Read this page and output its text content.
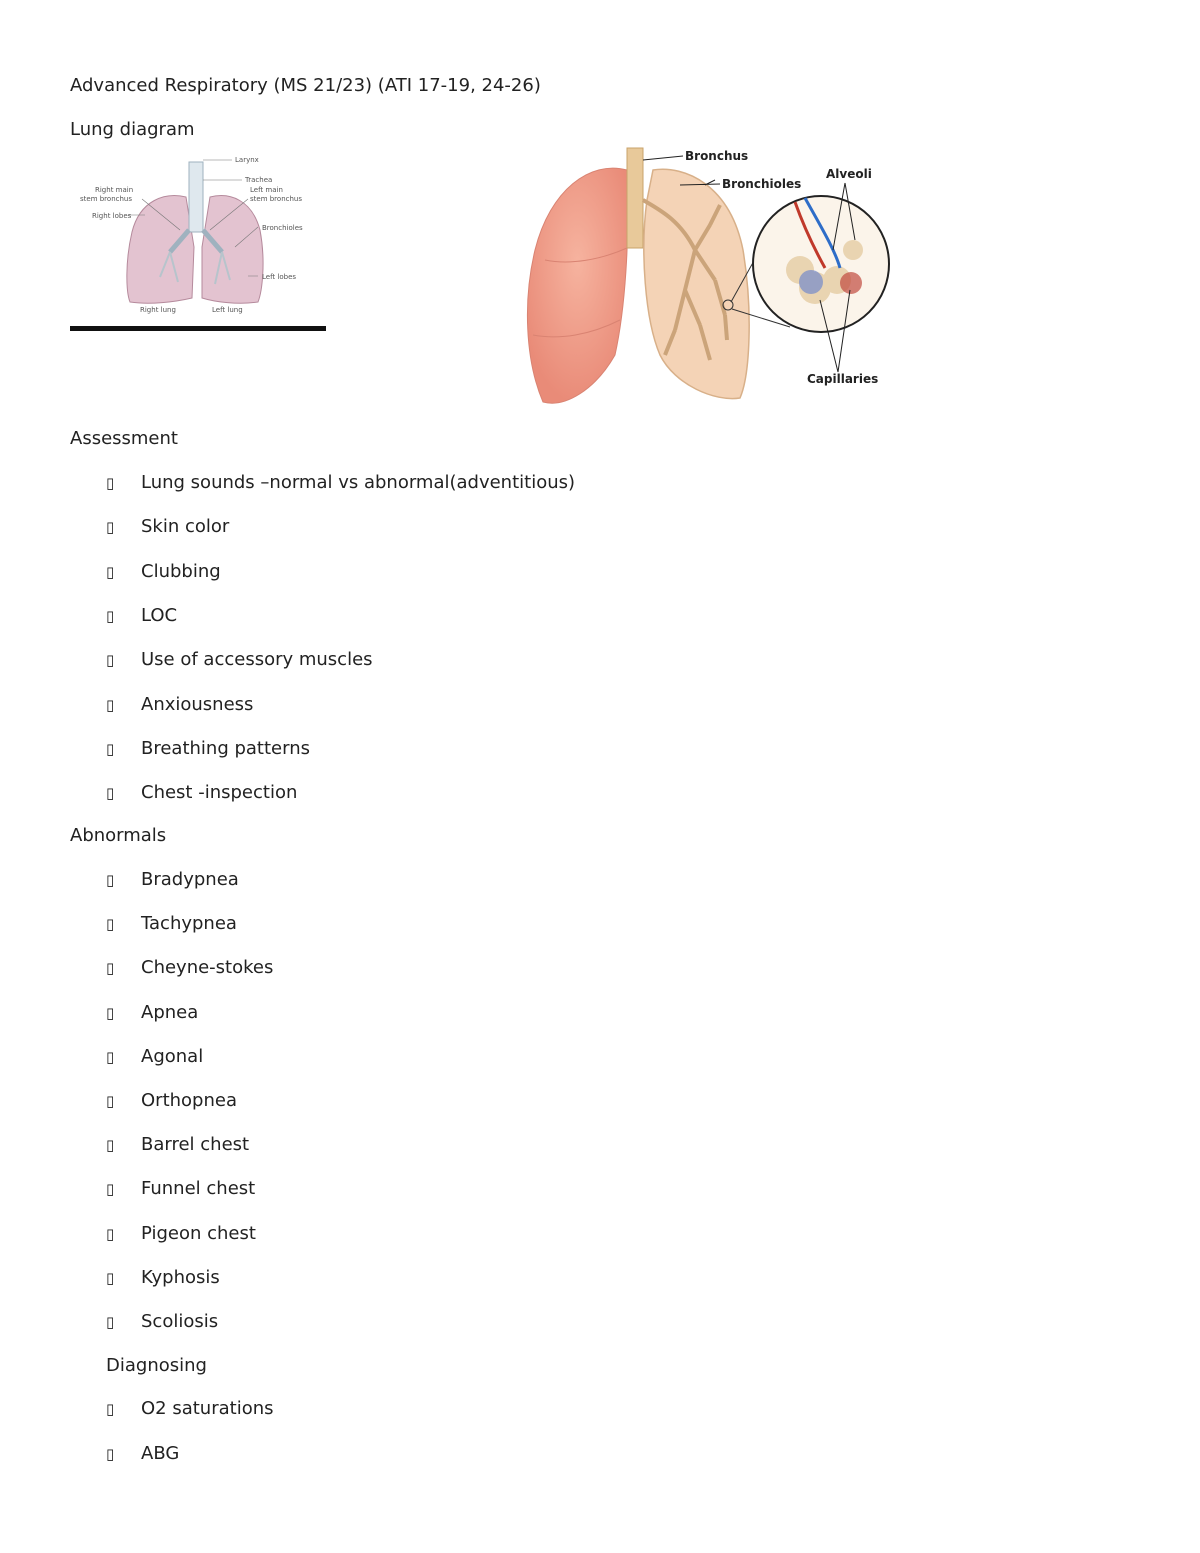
Advanced Respiratory (MS 21/23) (ATI 17-19, 24-26)
Lung diagram
Larynx
Trachea
Right main
stem bronchus
Left main
stem bronchus
Right lobes
Bronchioles
Left lobes
Right lung	Left lung
Bronchus
Bronchioles
Alveoli
Capillaries
Assessment
▯ Lung sounds –normal vs abnormal(adventitious)
▯ Skin color
▯ Clubbing
▯ LOC
▯ Use of accessory muscles
▯ Anxiousness
▯ Breathing patterns
▯ Chest -inspection
Abnormals
▯ Bradypnea
▯ Tachypnea
▯ Cheyne-stokes
▯ Apnea
▯ Agonal
▯ Orthopnea
▯ Barrel chest
▯ Funnel chest
▯ Pigeon chest
▯ Kyphosis
▯ Scoliosis
Diagnosing
▯ O2 saturations
▯ ABG
